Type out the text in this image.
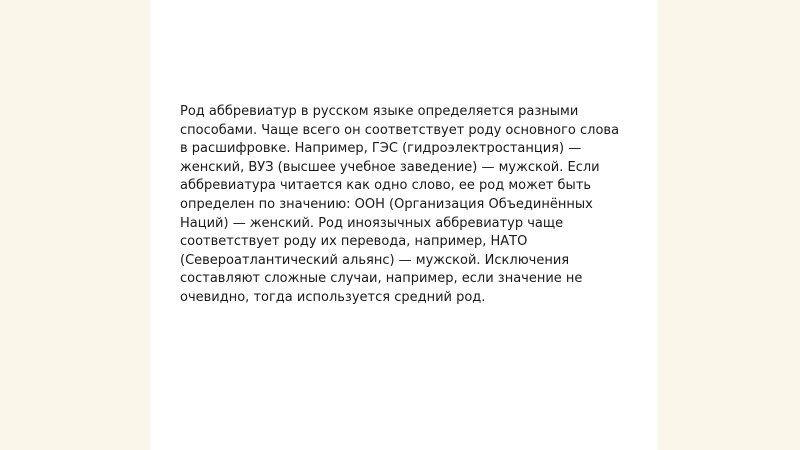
Род аббревиатур в русском языке определяется разными
способами. Чаще всего он соответствует роду основного слова
в расшифровке. Например, ГЭС (гидроэлектростанция) —
женский, ВУЗ (высшее учебное заведение) — мужской. Если
аббревиатура читается как одно слово, ее род может быть
определен по значению: ООН (Организация Объединённых
Наций) — женский. Род иноязычных аббревиатур чаще
соответствует роду их перевода, например, НАТО
(Североатлантический альянс) — мужской. Исключения
составляют сложные случаи, например, если значение не
очевидно, тогда используется средний род.
